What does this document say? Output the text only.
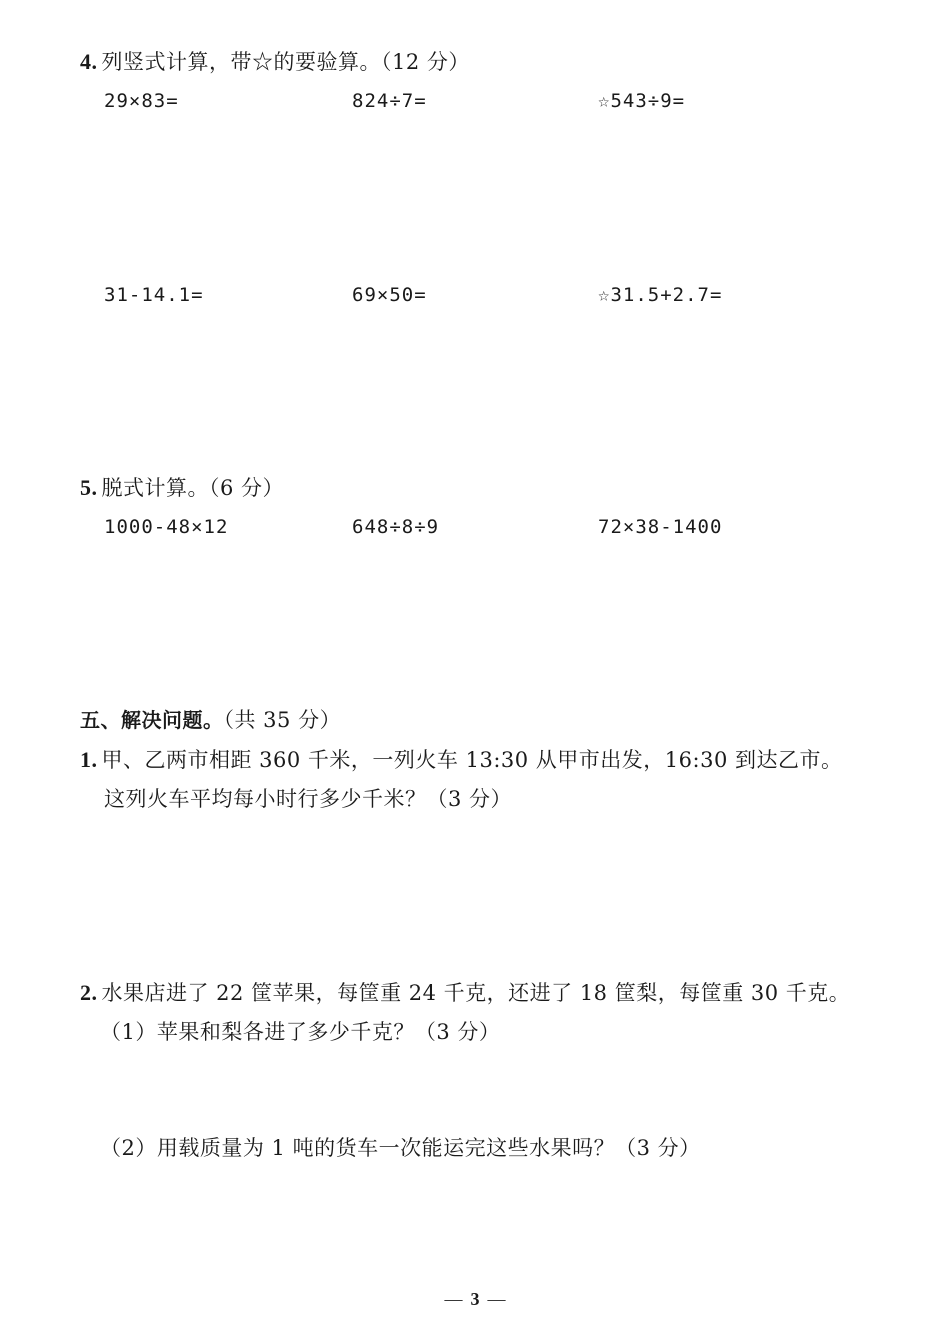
4. 列竖式计算，带☆的要验算。（12 分）
29×83=	824÷7=	☆543÷9=
31-14.1=	69×50=	☆31.5+2.7=
5. 脱式计算。（6 分）
1000-48×12	648÷8÷9	72×38-1400
五、解决问题。（共 35 分）
1. 甲、乙两市相距 360 千米，一列火车 13:30 从甲市出发，16:30 到达乙市。
这列火车平均每小时行多少千米？（3 分）
2. 水果店进了 22 筐苹果，每筐重 24 千克，还进了 18 筐梨，每筐重 30 千克。
（1）苹果和梨各进了多少千克？（3 分）
（2）用载质量为 1 吨的货车一次能运完这些水果吗？（3 分）
— 3 —
